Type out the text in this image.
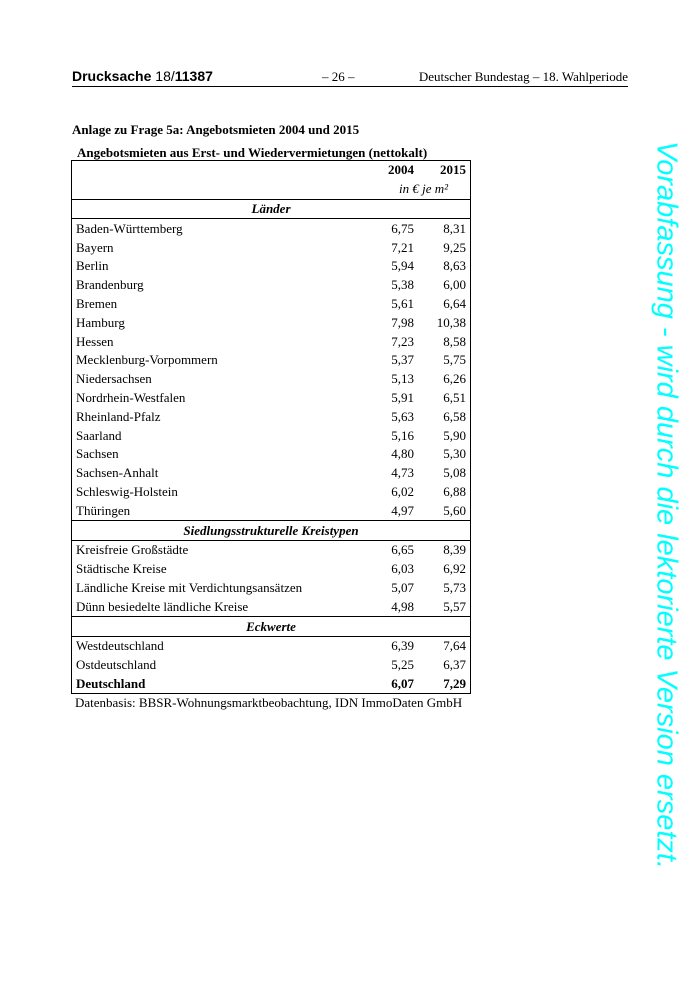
Drucksache 18/11387	– 26 –	Deutscher Bundestag – 18. Wahlperiode
Anlage zu Frage 5a: Angebotsmieten 2004 und 2015
Angebotsmieten aus Erst- und Wiedervermietungen (nettokalt)
	2004	2015
in € je m²		
Länder		
Baden-Württemberg	6,75	8,31
Bayern	7,21	9,25
Berlin	5,94	8,63
Brandenburg	5,38	6,00
Bremen	5,61	6,64
Hamburg	7,98	10,38
Hessen	7,23	8,58
Mecklenburg-Vorpommern	5,37	5,75
Niedersachsen	5,13	6,26
Nordrhein-Westfalen	5,91	6,51
Rheinland-Pfalz	5,63	6,58
Saarland	5,16	5,90
Sachsen	4,80	5,30
Sachsen-Anhalt	4,73	5,08
Schleswig-Holstein	6,02	6,88
Thüringen	4,97	5,60
Siedlungsstrukturelle Kreistypen		
Kreisfreie Großstädte	6,65	8,39
Städtische Kreise	6,03	6,92
Ländliche Kreise mit Verdichtungsansätzen	5,07	5,73
Dünn besiedelte ländliche Kreise	4,98	5,57
Eckwerte		
Westdeutschland	6,39	7,64
Ostdeutschland	5,25	6,37
Deutschland	6,07	7,29
Datenbasis: BBSR-Wohnungsmarktbeobachtung, IDN ImmoDaten GmbH	Vorabfassung - wird durch die lektorierte Version ersetzt.
